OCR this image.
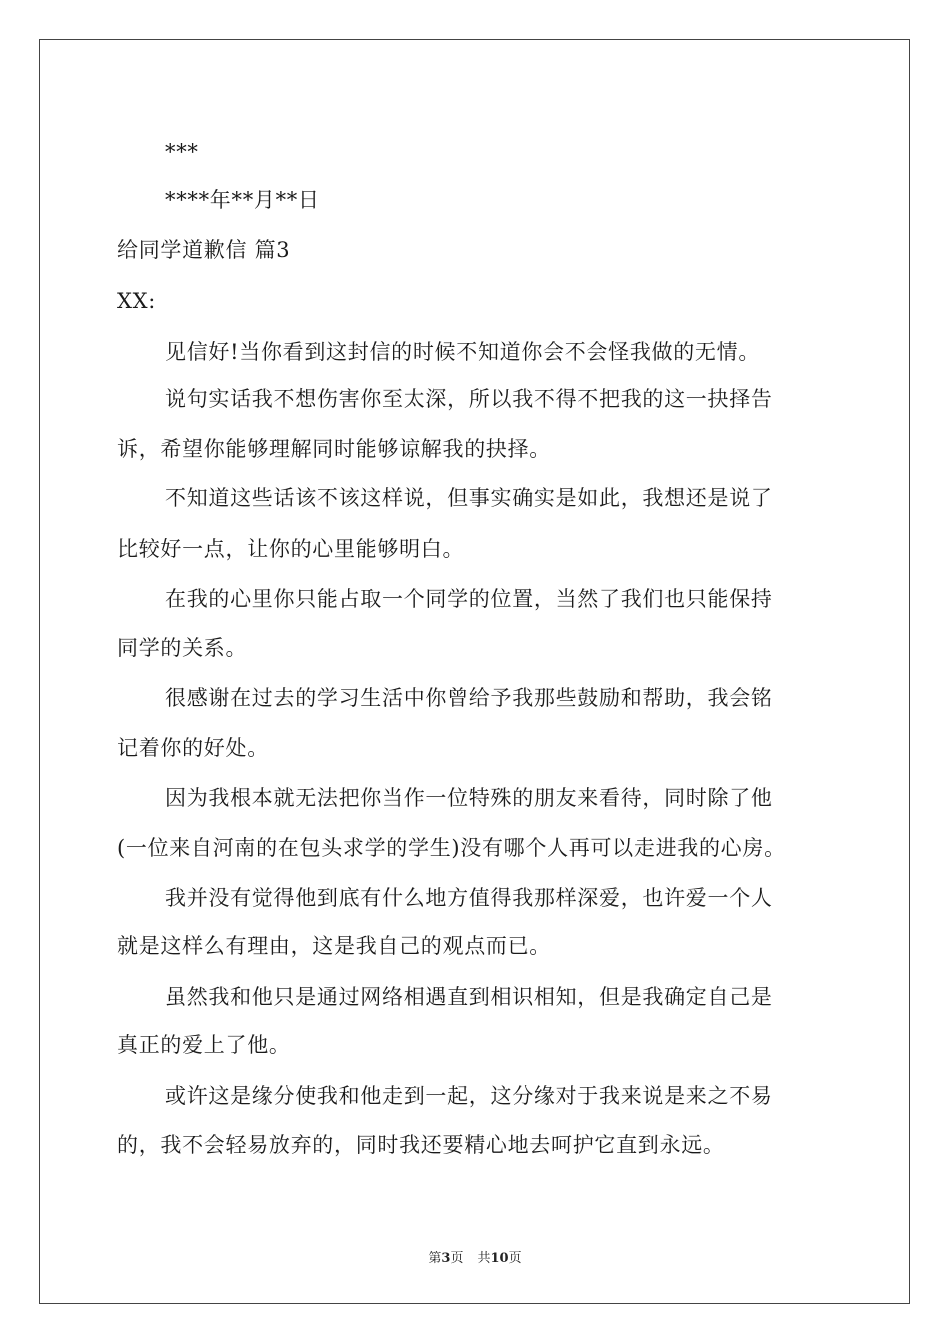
***

****年**月**日

给同学道歉信 篇3

XX:

见信好!当你看到这封信的时候不知道你会不会怪我做的无情。

说句实话我不想伤害你至太深，所以我不得不把我的这一抉择告

诉，希望你能够理解同时能够谅解我的抉择。

不知道这些话该不该这样说，但事实确实是如此，我想还是说了

比较好一点，让你的心里能够明白。

在我的心里你只能占取一个同学的位置，当然了我们也只能保持

同学的关系。

很感谢在过去的学习生活中你曾给予我那些鼓励和帮助，我会铭

记着你的好处。

因为我根本就无法把你当作一位特殊的朋友来看待，同时除了他

(一位来自河南的在包头求学的学生)没有哪个人再可以走进我的心房。

我并没有觉得他到底有什么地方值得我那样深爱，也许爱一个人

就是这样么有理由，这是我自己的观点而已。

虽然我和他只是通过网络相遇直到相识相知，但是我确定自己是

真正的爱上了他。

或许这是缘分使我和他走到一起，这分缘对于我来说是来之不易

的，我不会轻易放弃的，同时我还要精心地去呵护它直到永远。

第3页 共10页
